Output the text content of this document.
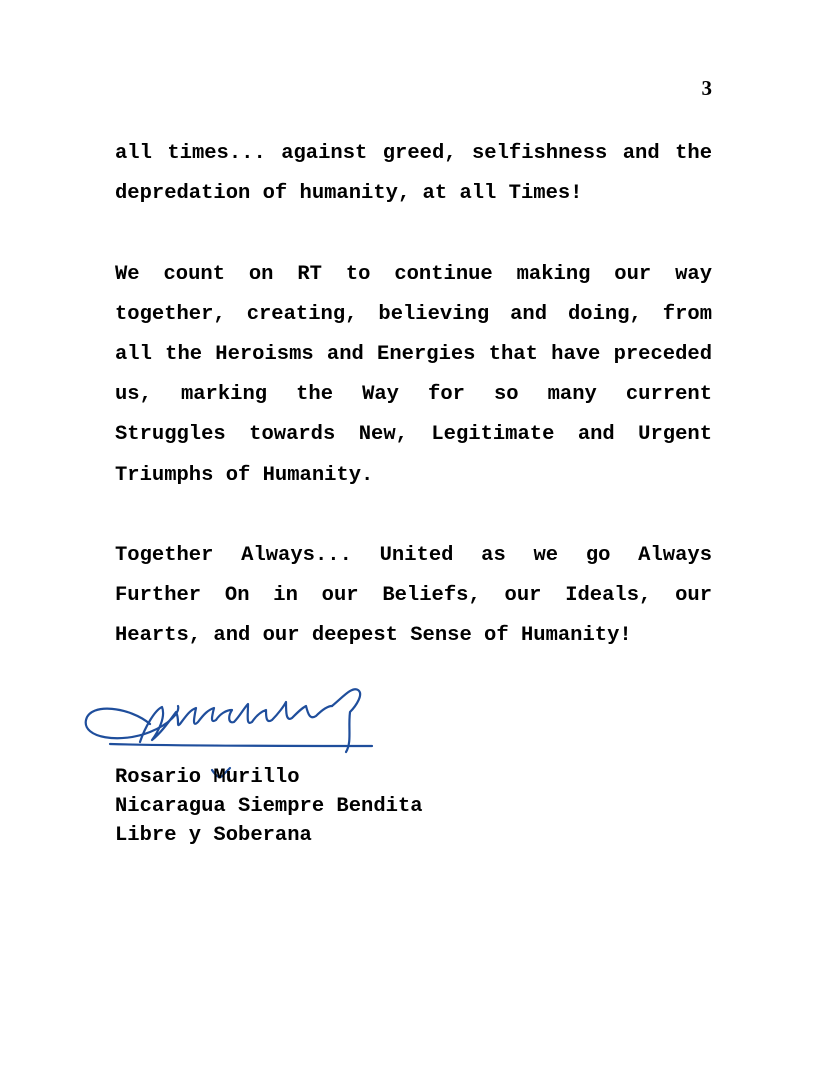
3

all times... against greed, selfishness and the depredation of humanity, at all Times!

We count on RT to continue making our way together, creating, believing and doing, from all the Heroisms and Energies that have preceded us, marking the Way for so many current Struggles towards New, Legitimate and Urgent Triumphs of Humanity.

Together Always... United as we go Always Further On in our Beliefs, our Ideals, our Hearts, and our deepest Sense of Humanity!

Rosario Murillo
Nicaragua Siempre Bendita
Libre y Soberana
